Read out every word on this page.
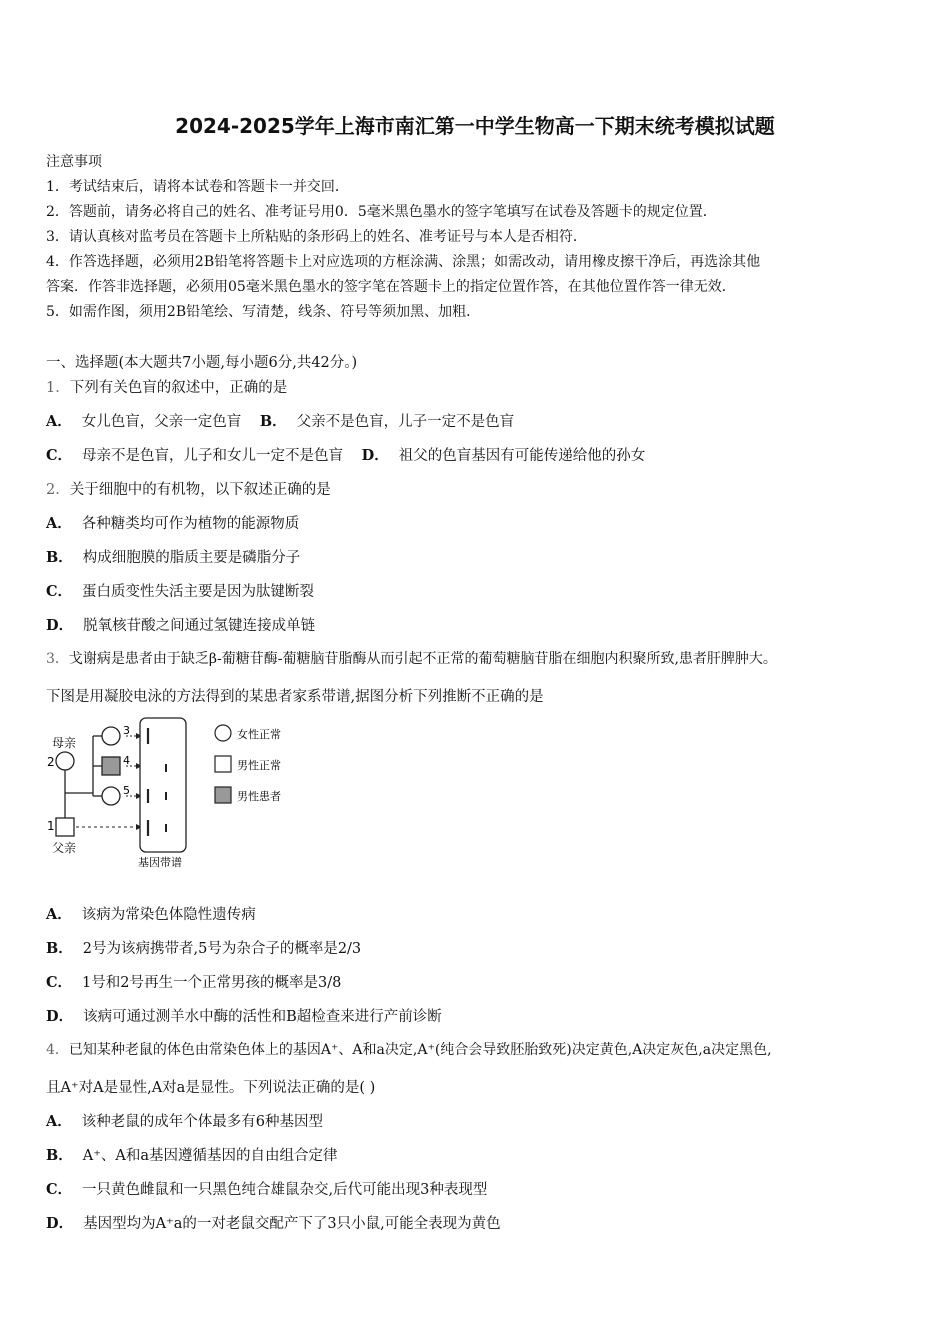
2024-2025学年上海市南汇第一中学生物高一下期末统考模拟试题
注意事项
1．考试结束后，请将本试卷和答题卡一并交回．
2．答题前，请务必将自己的姓名、准考证号用0．5毫米黑色墨水的签字笔填写在试卷及答题卡的规定位置．
3．请认真核对监考员在答题卡上所粘贴的条形码上的姓名、准考证号与本人是否相符．
4．作答选择题，必须用2B铅笔将答题卡上对应选项的方框涂满、涂黑；如需改动，请用橡皮擦干净后，再选涂其他
答案．作答非选择题，必须用05毫米黑色墨水的签字笔在答题卡上的指定位置作答，在其他位置作答一律无效．
5．如需作图，须用2B铅笔绘、写清楚，线条、符号等须加黑、加粗．
一、选择题(本大题共7小题,每小题6分,共42分。)
1．下列有关色盲的叙述中，正确的是
A． 女儿色盲，父亲一定色盲 B． 父亲不是色盲，儿子一定不是色盲
C． 母亲不是色盲，儿子和女儿一定不是色盲 D． 祖父的色盲基因有可能传递给他的孙女
2．关于细胞中的有机物，以下叙述正确的是
A． 各种糖类均可作为植物的能源物质
B． 构成细胞膜的脂质主要是磷脂分子
C． 蛋白质变性失活主要是因为肽键断裂
D． 脱氧核苷酸之间通过氢键连接成单链
3．戈谢病是患者由于缺乏β-葡糖苷酶-葡糖脑苷脂酶从而引起不正常的葡萄糖脑苷脂在细胞内积聚所致,患者肝脾肿大。
下图是用凝胶电泳的方法得到的某患者家系带谱,据图分析下列推断不正确的是
母亲
2
1
父亲
3
4
5
基因带谱
女性正常
男性正常
男性患者
A． 该病为常染色体隐性遗传病
B． 2号为该病携带者,5号为杂合子的概率是2/3
C． 1号和2号再生一个正常男孩的概率是3/8
D． 该病可通过测羊水中酶的活性和B超检查来进行产前诊断
4．已知某种老鼠的体色由常染色体上的基因A⁺、A和a决定,A⁺(纯合会导致胚胎致死)决定黄色,A决定灰色,a决定黑色,
且A⁺对A是显性,A对a是显性。下列说法正确的是( )
A． 该种老鼠的成年个体最多有6种基因型
B． A⁺、A和a基因遵循基因的自由组合定律
C． 一只黄色雌鼠和一只黑色纯合雄鼠杂交,后代可能出现3种表现型
D． 基因型均为A⁺a的一对老鼠交配产下了3只小鼠,可能全表现为黄色
